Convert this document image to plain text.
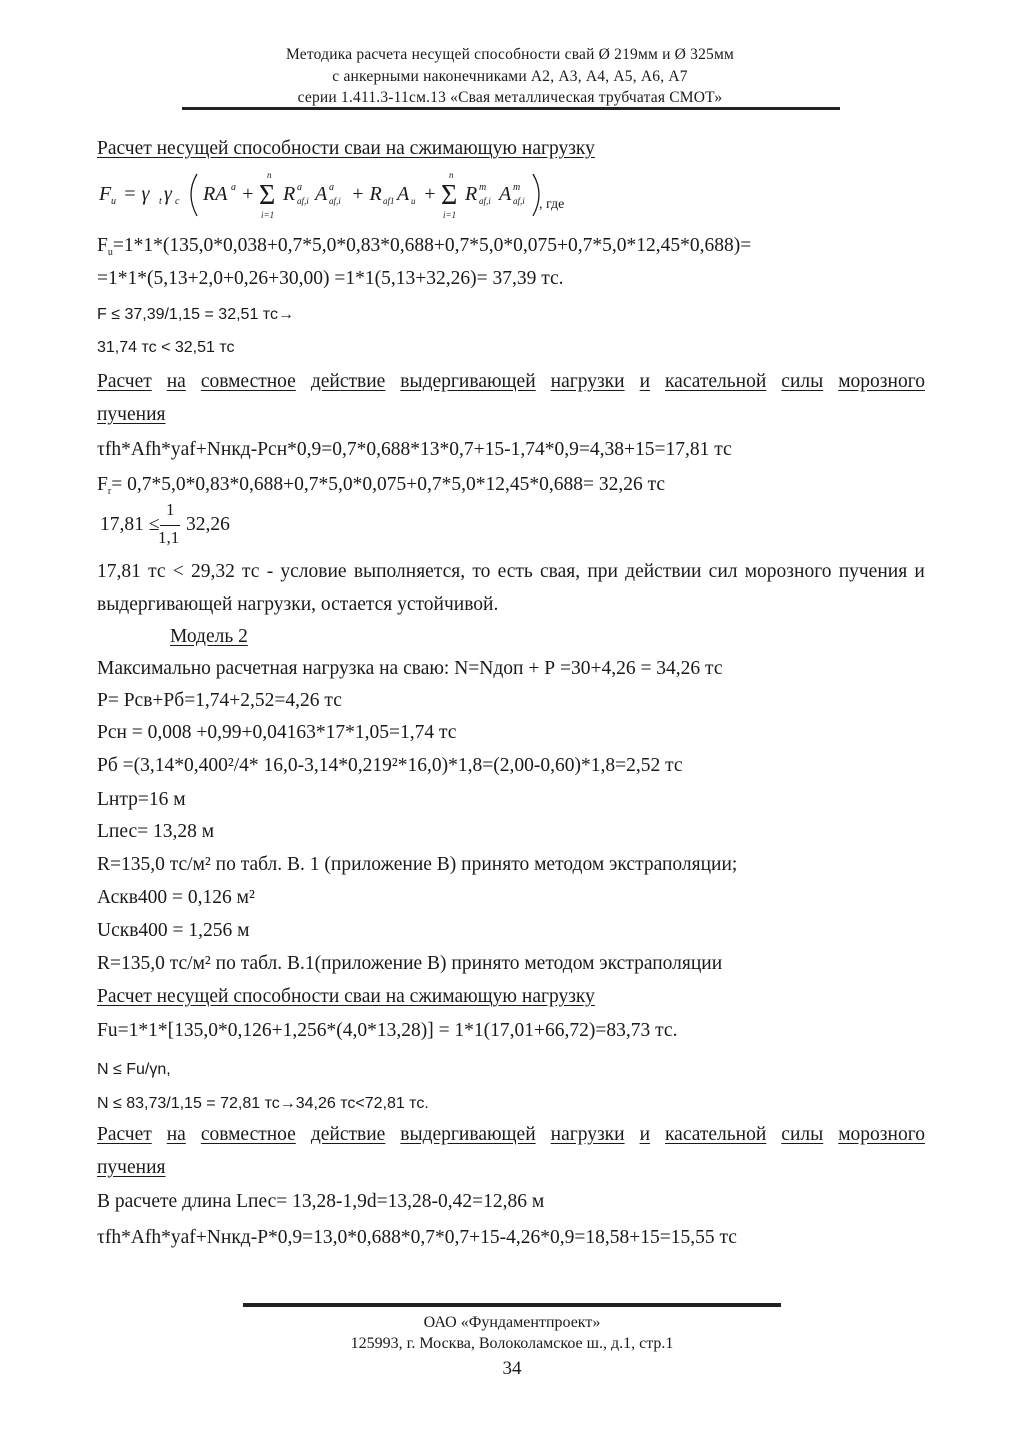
Методика расчета несущей способности свай Ø 219мм и Ø 325мм
с анкерными наконечниками А2, А3, А4, А5, А6, А7
серии 1.411.3-11см.13 «Свая металлическая трубчатая СМОТ»
Расчет несущей способности сваи на сжимающую нагрузку
F u = γ t γ c RA a + Σ
n
i=1
R a
af,i A a
af,i + R af1 A u + Σ
n
i=1
R m
af,i A m
af,i , где
$F_u=1*1*(135,0*0,038+0,7*5,0*0,83*0,688+0,7*5,0*0,075+0,7*5,0*12,45*0,688)=$
=1*1*(5,13+2,0+0,26+30,00) =1*1(5,13+32,26)= 37,39 тс.
F ≤ 37,39/1,15 = 32,51 тс→
31,74 тс < 32,51 тс
Расчет на совместное действие выдергивающей нагрузки и касательной силы морозного
пучения
τfh*Afh*yaf+Nнкд-Рсн*0,9=0,7*0,688*13*0,7+15-1,74*0,9=4,38+15=17,81 тс
$F_r= 0,7*5,0*0,83*0,688+0,7*5,0*0,075+0,7*5,0*12,45*0,688= 32,26$ тс
17,81 ≤
1
1,1
32,26
17,81 тс < 29,32 тс - условие выполняется, то есть свая, при действии сил морозного пучения и
выдергивающей нагрузки, остается устойчивой.
Модель 2
Максимально расчетная нагрузка на сваю: N=Nдоп + Р =30+4,26 = 34,26 тс
Р= Рсв+Рб=1,74+2,52=4,26 тс
Рсн = 0,008 +0,99+0,04163*17*1,05=1,74 тс
Рб =(3,14*0,400²/4* 16,0-3,14*0,219²*16,0)*1,8=(2,00-0,60)*1,8=2,52 тс
Lнтр=16 м
Lпес= 13,28 м
R=135,0 тс/м² по табл. В. 1 (приложение В) принято методом экстраполяции;
Аскв400 = 0,126 м²
Uскв400 = 1,256 м
R=135,0 тс/м² по табл. В.1(приложение В) принято методом экстраполяции
Расчет несущей способности сваи на сжимающую нагрузку
Fu=1*1*[135,0*0,126+1,256*(4,0*13,28)] = 1*1(17,01+66,72)=83,73 тс.
N ≤ Fu/γn,
N ≤ 83,73/1,15 = 72,81 тс→34,26 тс<72,81 тс.
Расчет на совместное действие выдергивающей нагрузки и касательной силы морозного
пучения
В расчете длина Lпес= 13,28-1,9d=13,28-0,42=12,86 м
τfh*Afh*yaf+Nнкд-Р*0,9=13,0*0,688*0,7*0,7+15-4,26*0,9=18,58+15=15,55 тс
ОАО «Фундаментпроект»
125993, г. Москва, Волоколамское ш., д.1, стр.1
34
